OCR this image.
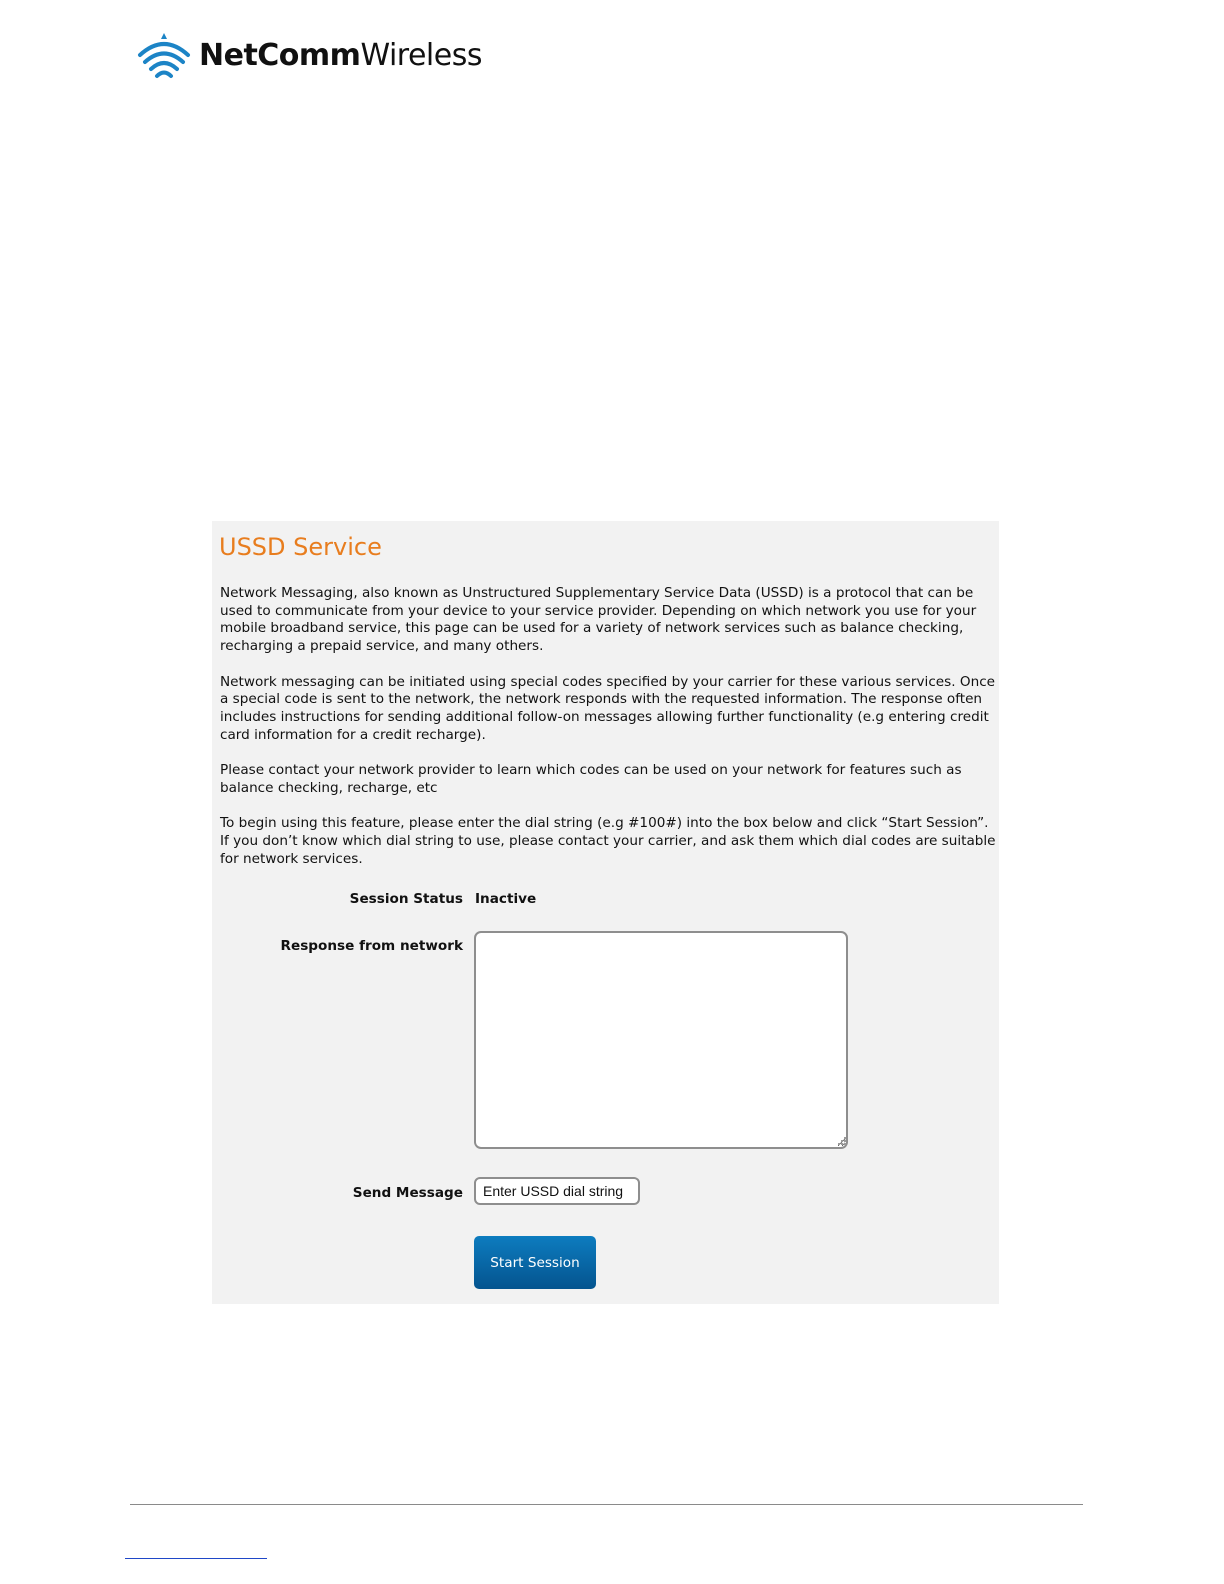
NetCommWireless
USSD Service

Network Messaging, also known as Unstructured Supplementary Service Data (USSD) is a protocol that can be used to communicate from your device to your service provider. Depending on which network you use for your mobile broadband service, this page can be used for a variety of network services such as balance checking, recharging a prepaid service, and many others.

Network messaging can be initiated using special codes specified by your carrier for these various services. Once a special code is sent to the network, the network responds with the requested information. The response often includes instructions for sending additional follow-on messages allowing further functionality (e.g entering credit card information for a credit recharge).

Please contact your network provider to learn which codes can be used on your network for features such as balance checking, recharge, etc

To begin using this feature, please enter the dial string (e.g #100#) into the box below and click “Start Session”. If you don’t know which dial string to use, please contact your carrier, and ask them which dial codes are suitable for network services.

Session Status Inactive
Response from network
Send Message
Enter USSD dial string
Start Session
